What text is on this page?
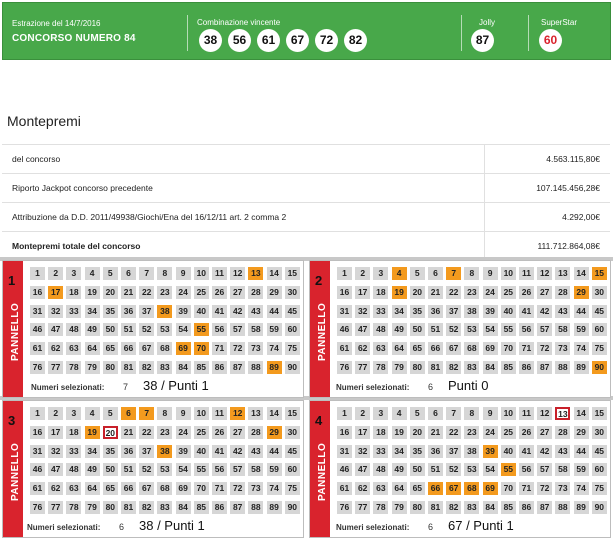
Estrazione del 14/7/2016
CONCORSO NUMERO 84
Combinazione vincente
38	56	61	67	72	82
Jolly
87
SuperStar
60
Montepremi
del concorso	4.563.115,80€
Riporto Jackpot concorso precedente	107.145.456,28€
Attribuzione da D.D. 2011/49938/Giochi/Ena del 16/12/11 art. 2 comma 2	4.292,00€
Montepremi totale del concorso	111.712.864,08€
1
PANNELLO
Numeri selezionati: 7 38 / Punti 1
1	2	3	4	5	6	7	8	9	10	11	12	13	14	15
16	17	18	19	20	21	22	23	24	25	26	27	28	29	30
31	32	33	34	35	36	37	38	39	40	41	42	43	44	45
46	47	48	49	50	51	52	53	54	55	56	57	58	59	60
61	62	63	64	65	66	67	68	69	70	71	72	73	74	75
76	77	78	79	80	81	82	83	84	85	86	87	88	89	90
2
PANNELLO
Numeri selezionati: 6 Punti 0
1	2	3	4	5	6	7	8	9	10	11	12	13	14	15
16	17	18	19	20	21	22	23	24	25	26	27	28	29	30
31	32	33	34	35	36	37	38	39	40	41	42	43	44	45
46	47	48	49	50	51	52	53	54	55	56	57	58	59	60
61	62	63	64	65	66	67	68	69	70	71	72	73	74	75
76	77	78	79	80	81	82	83	84	85	86	87	88	89	90
3
PANNELLO
Numeri selezionati: 6 38 / Punti 1
1	2	3	4	5	6	7	8	9	10	11	12	13	14	15
16	17	18	19	20	21	22	23	24	25	26	27	28	29	30
31	32	33	34	35	36	37	38	39	40	41	42	43	44	45
46	47	48	49	50	51	52	53	54	55	56	57	58	59	60
61	62	63	64	65	66	67	68	69	70	71	72	73	74	75
76	77	78	79	80	81	82	83	84	85	86	87	88	89	90
4
PANNELLO
Numeri selezionati: 6 67 / Punti 1
1	2	3	4	5	6	7	8	9	10	11	12	13	14	15
16	17	18	19	20	21	22	23	24	25	26	27	28	29	30
31	32	33	34	35	36	37	38	39	40	41	42	43	44	45
46	47	48	49	50	51	52	53	54	55	56	57	58	59	60
61	62	63	64	65	66	67	68	69	70	71	72	73	74	75
76	77	78	79	80	81	82	83	84	85	86	87	88	89	90
